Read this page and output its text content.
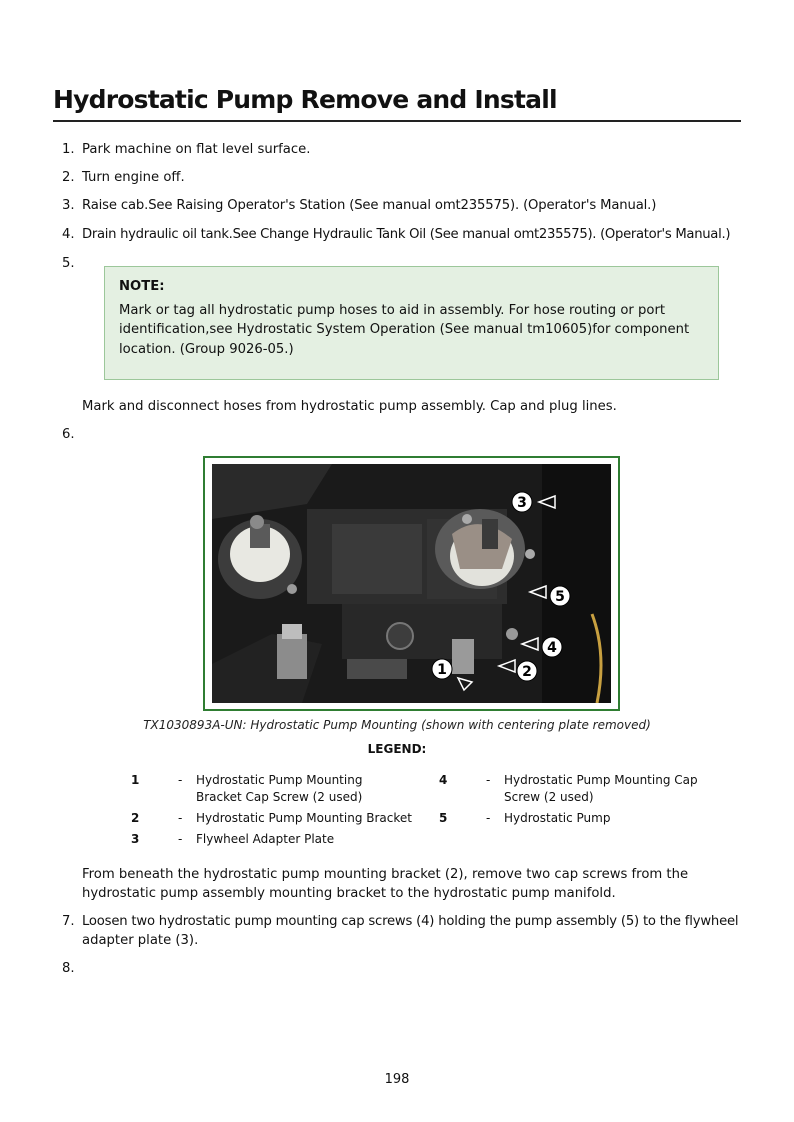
Hydrostatic Pump Remove and Install
1. Park machine on flat level surface.
2. Turn engine off.
3. Raise cab.See Raising Operator's Station (See manual omt235575). (Operator's Manual.)
4. Drain hydraulic oil tank.See Change Hydraulic Tank Oil (See manual omt235575). (Operator's Manual.)
5.
NOTE:
Mark or tag all hydrostatic pump hoses to aid in assembly. For hose routing or port
identification,see Hydrostatic System Operation (See manual tm10605)for component
location. (Group 9026-05.)
Mark and disconnect hoses from hydrostatic pump assembly. Cap and plug lines.
6.
3
5
4
2
1
TX1030893A-UN: Hydrostatic Pump Mounting (shown with centering plate removed)
LEGEND:
1	- Hydrostatic Pump Mounting
Bracket Cap Screw (2 used)
2	- Hydrostatic Pump Mounting Bracket
3	- Flywheel Adapter Plate
4	- Hydrostatic Pump Mounting Cap
Screw (2 used)
5	- Hydrostatic Pump
From beneath the hydrostatic pump mounting bracket (2), remove two cap screws from the
hydrostatic pump assembly mounting bracket to the hydrostatic pump manifold.
7. Loosen two hydrostatic pump mounting cap screws (4) holding the pump assembly (5) to the flywheel
adapter plate (3).
8.
198
